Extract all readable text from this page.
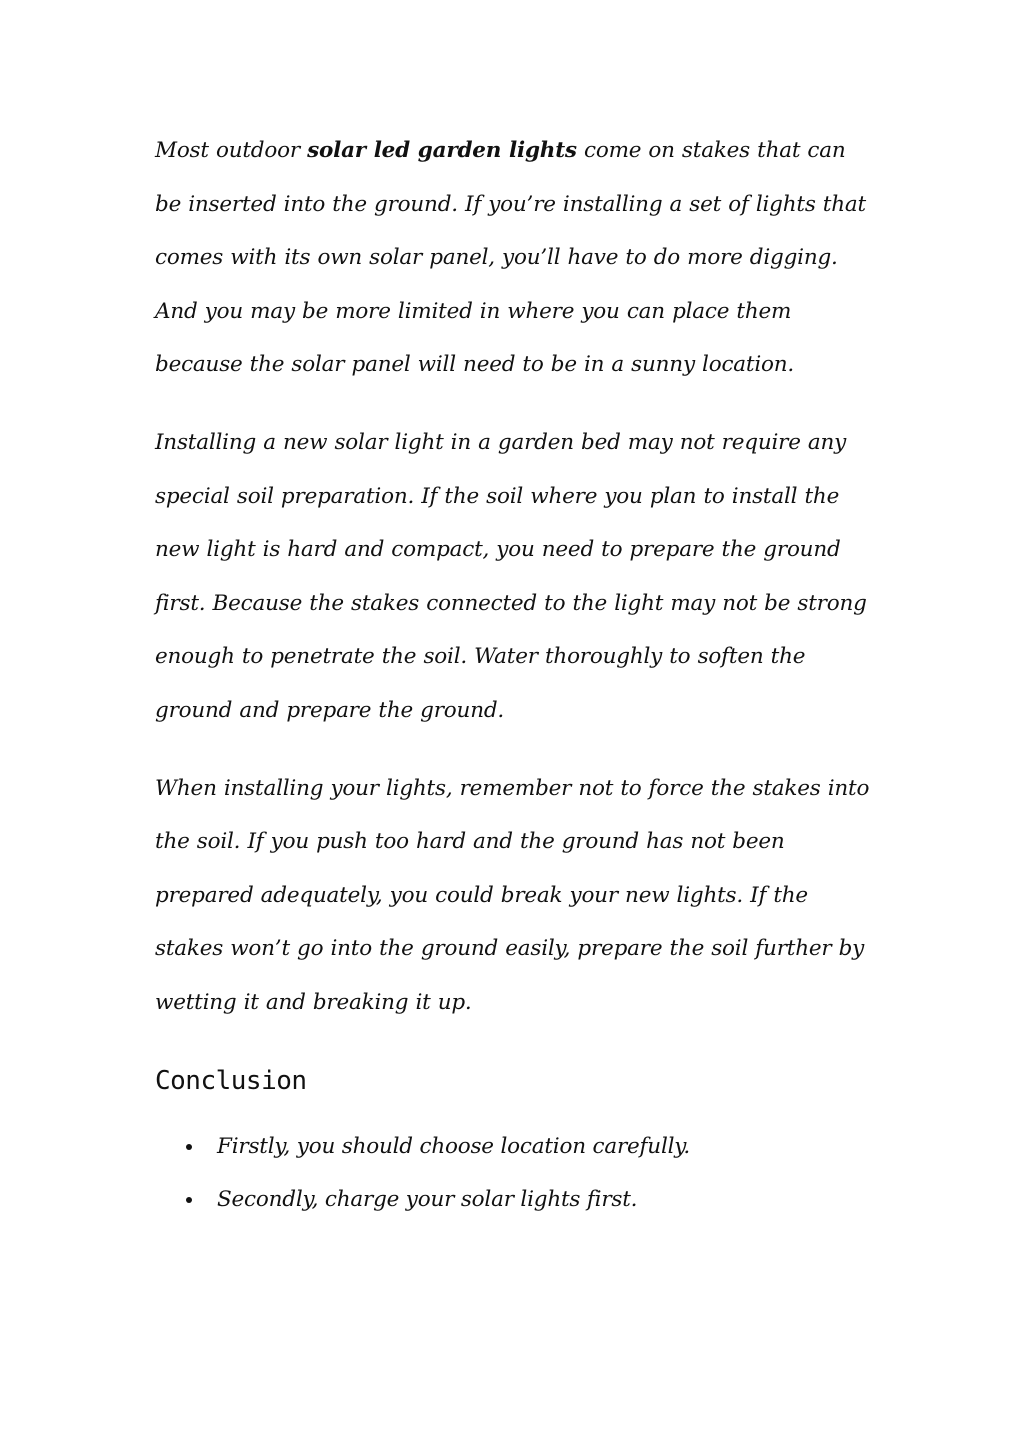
Most outdoor solar led garden lights come on stakes that can be inserted into the ground. If you’re installing a set of lights that comes with its own solar panel, you’ll have to do more digging. And you may be more limited in where you can place them because the solar panel will need to be in a sunny location.

Installing a new solar light in a garden bed may not require any special soil preparation. If the soil where you plan to install the new light is hard and compact, you need to prepare the ground first. Because the stakes connected to the light may not be strong enough to penetrate the soil. Water thoroughly to soften the ground and prepare the ground.

When installing your lights, remember not to force the stakes into the soil. If you push too hard and the ground has not been prepared adequately, you could break your new lights. If the stakes won’t go into the ground easily, prepare the soil further by wetting it and breaking it up.

Conclusion
Firstly, you should choose location carefully.
Secondly, charge your solar lights first.
